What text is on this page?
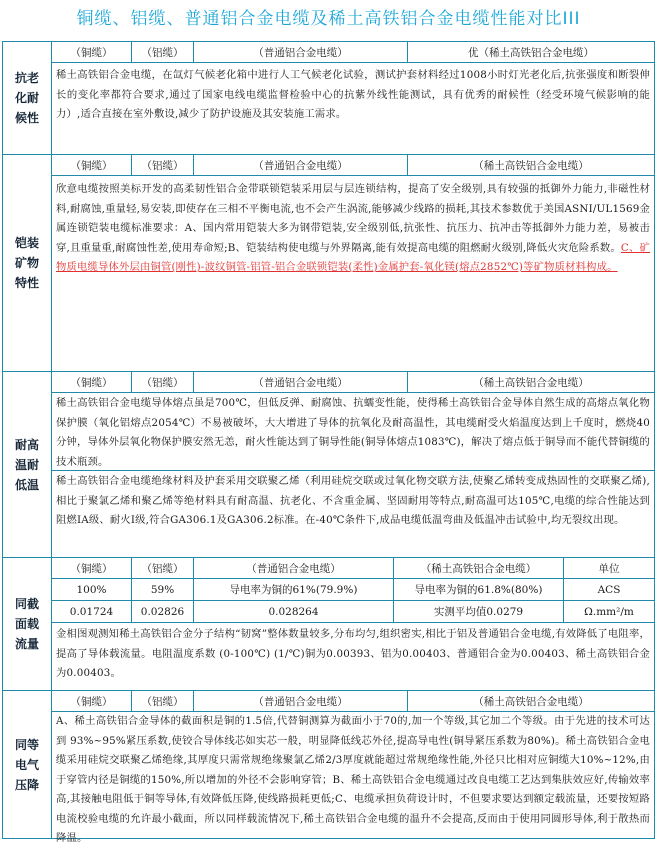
铜缆、铝缆、普通铝合金电缆及稀土高铁铝合金电缆性能对比III
抗老
化耐
候性
（铜缆）	（铝缆）	（普通铝合金电缆）	优（稀土高铁铝合金电缆）
稀土高铁铝合金电缆，在氙灯气候老化箱中进行人工气候老化试验，测试护套材料经过1008小时灯光老化后,抗张强度和断裂伸长的变化率都符合要求,通过了国家电线电缆监督检验中心的抗紫外线性能测试，具有优秀的耐候性（经受环境气候影响的能力）,适合直接在室外敷设,减少了防护设施及其安装施工需求。
铠装
矿物
特性
（铜缆）	（铝缆）	（普通铝合金电缆）	（稀土高铁铝合金电缆）
欣意电缆按照美标开发的高柔韧性铝合金带联锁铠装采用层与层连锁结构，提高了安全级别,具有较强的抵御外力能力,非磁性材料,耐腐蚀,重量轻,易安装,即使存在三相不平衡电流,也不会产生涡流,能够减少线路的损耗,其技术参数优于美国ASNI/UL1569金属连锁铠装电缆标准要求：A、国内常用铠装大多为钢带铠装,安全级别低,抗张性、抗压力、抗冲击等抵御外力能力差，易被击穿,且重量重,耐腐蚀性差,使用寿命短;B、铠装结构使电缆与外界隔离,能有效提高电缆的阻燃耐火级别,降低火灾危险系数。C、矿物质电缆导体外层由铜管(刚性)-波纹铜管-铝管-铝合金联锁铠装(柔性)金属护套-氧化镁(熔点2852℃)等矿物质材料构成。
耐高
温耐
低温
（铜缆）	（铝缆）	（普通铝合金电缆）	（稀土高铁铝合金电缆）
稀土高铁铝合金电缆导体熔点虽是700℃，但低反弹、耐腐蚀、抗蠕变性能，使得稀土高铁铝合金导体自然生成的高熔点氧化物保护膜（氧化铝熔点2054℃）不易被破坏，大大增进了导体的抗氧化及耐高温性，其电缆耐受火焰温度达到上千度时，燃烧40分钟，导体外层氧化物保护膜安然无恙，耐火性能达到了铜导性能(铜导体熔点1083℃)，解决了熔点低于铜导而不能代替铜缆的技术瓶颈。
稀土高铁铝合金电缆绝缘材料及护套采用交联聚乙烯（利用硅烷交联或过氧化物交联方法,使聚乙烯转变成热固性的交联聚乙烯),相比于聚氯乙烯和聚乙烯等绝材料具有耐高温、抗老化、不含重金属、坚固耐用等特点,耐高温可达105℃,电缆的综合性能达到阻燃IA级、耐火I级,符合GA306.1及GA306.2标准。在-40℃条件下,成品电缆低温弯曲及低温冲击试验中,均无裂纹出现。
同截
面载
流量
（铜缆）	（铝缆）	（普通铝合金电缆）	（稀土高铁铝合金电缆）	单位
100%	59%	导电率为铜的61%(79.9%)	导电率为铜的61.8%(80%)	ACS
0.01724	0.02826	0.028264	实测平均值0.0279	Ω.mm²/m
金相图观测知稀土高铁铝合金分子结构“韧窝”整体数量较多,分布均匀,组织密实,相比于铝及普通铝合金电缆,有效降低了电阻率，提高了导体载流量。电阻温度系数 (0-100℃) (1/℃)铜为0.00393、铝为0.00403、普通铝合金为0.00403、稀土高铁铝合金为0.00403。
同等
电气
压降
（铜缆）	（铝缆）	（普通铝合金电缆）	（稀土高铁铝合金电缆）
A、稀土高铁铝合金导体的截面积是铜的1.5倍,代替铜测算为截面小于70的,加一个等级,其它加二个等级。由于先进的技术可达到 93%~95%紧压系数,使铰合导体线芯如实芯一般，明显降低线芯外径,提高导电性(铜导紧压系数为80%)。稀土高铁铝合金电缆采用硅烷交联聚乙烯绝缘,其厚度只需常规绝缘聚氯乙烯2/3厚度就能超过常规绝缘性能,外径只比相对应铜缆大10%~12%,由于穿管内径是铜缆的150%,所以增加的外径不会影响穿管；B、稀土高铁铝合金电缆通过改良电缆工艺达到集肤效应好,传输效率高,其接触电阻低于铜等导体,有效降低压降,使线路损耗更低;C、电缆承担负荷设计时，不但要求要达到额定载流量，还要按短路电流校验电缆的允许最小截面，所以同样载流情况下,稀土高铁铝合金电缆的温升不会提高,反而由于使用同圆形导体,利于散热而降温。
